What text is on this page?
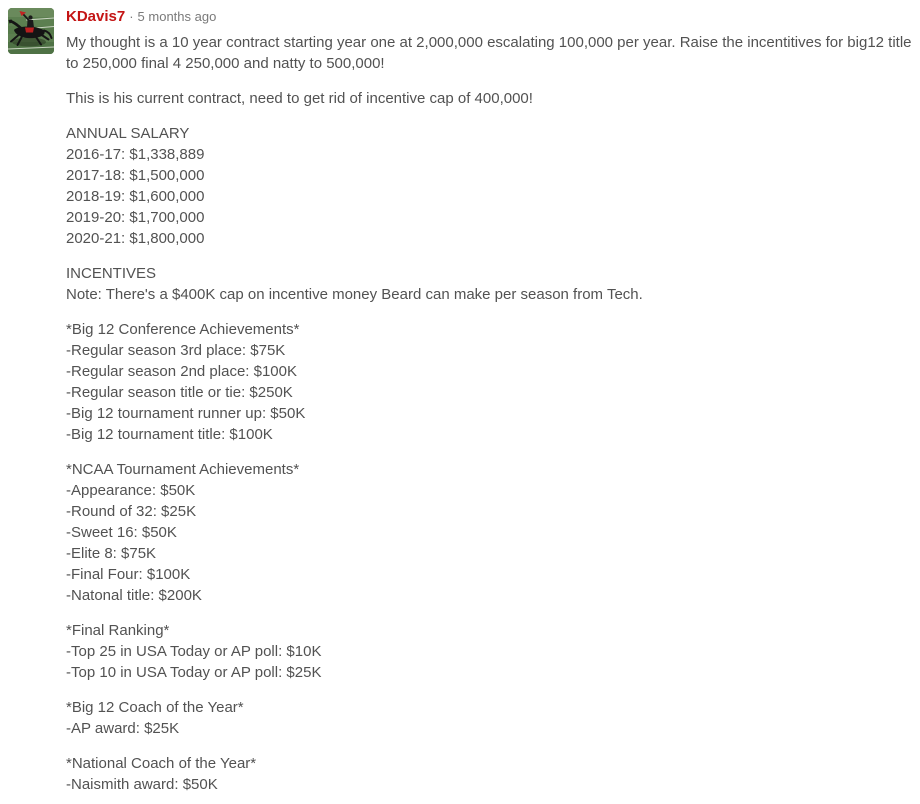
KDavis7 · 5 months ago

My thought is a 10 year contract starting year one at 2,000,000 escalating 100,000 per year. Raise the incentitives for big12 title to 250,000 final 4 250,000 and natty to 500,000!

This is his current contract, need to get rid of incentive cap of 400,000!

ANNUAL SALARY
2016-17: $1,338,889
2017-18: $1,500,000
2018-19: $1,600,000
2019-20: $1,700,000
2020-21: $1,800,000

INCENTIVES
Note: There's a $400K cap on incentive money Beard can make per season from Tech.

*Big 12 Conference Achievements*
-Regular season 3rd place: $75K
-Regular season 2nd place: $100K
-Regular season title or tie: $250K
-Big 12 tournament runner up: $50K
-Big 12 tournament title: $100K

*NCAA Tournament Achievements*
-Appearance: $50K
-Round of 32: $25K
-Sweet 16: $50K
-Elite 8: $75K
-Final Four: $100K
-Natonal title: $200K

*Final Ranking*
-Top 25 in USA Today or AP poll: $10K
-Top 10 in USA Today or AP poll: $25K

*Big 12 Coach of the Year*
-AP award: $25K

*National Coach of the Year*
-Naismith award: $50K
